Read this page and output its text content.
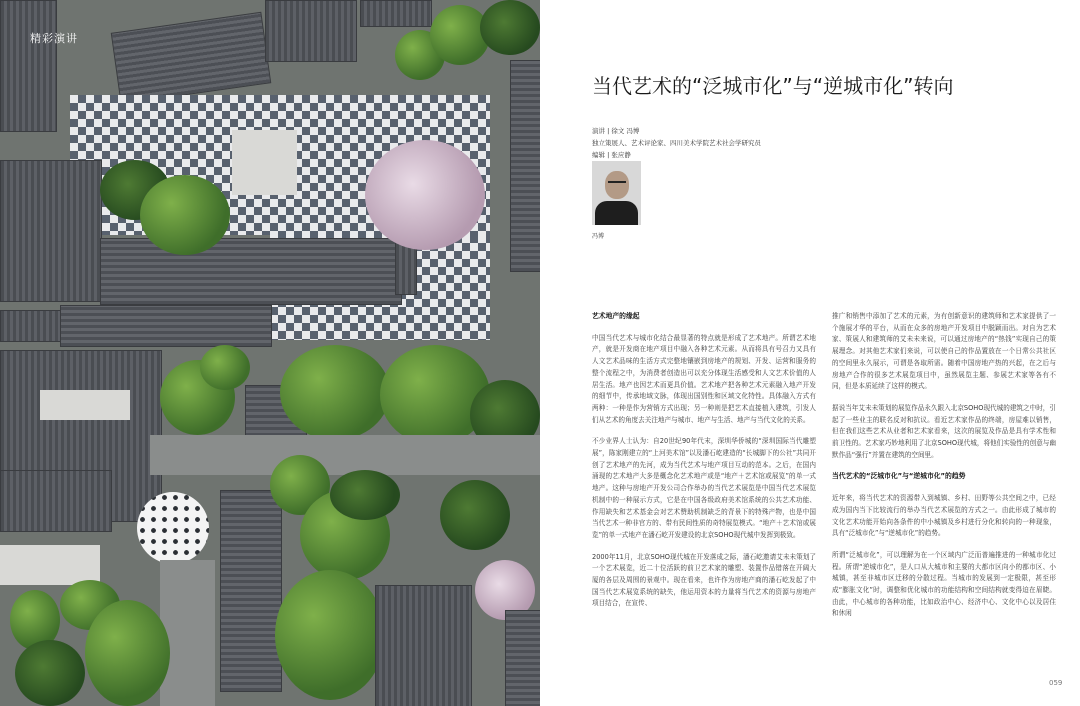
精彩演讲
当代艺术的“泛城市化”与“逆城市化”转向
演讲 | 徐文 冯博
独立策展人、艺术评论家、四川美术学院艺术社会学研究员
编辑 | 张应静
冯博
艺术地产的缘起

中国当代艺术与城市化结合最显著的特点就是形成了艺术地产。所谓艺术地产，就是开发商在地产项目中融入各种艺术元素。从而将具有号召力又具有人文艺术品味的生活方式完整地镶嵌到房地产的规划、开发、运营和服务的整个流程之中，为消费者创造出可以充分体现生活感受和人文艺术价值的人居生活。地产也因艺术而更具价值。艺术地产把各种艺术元素融入地产开发的细节中，传承地域文脉，体现出国别性和区域文化特性。具体融入方式有两种：一种是作为营销方式出现；另一种则是把艺术直接植入建筑，引发人们从艺术的角度去关注地产与城市、地产与生活、地产与当代文化的关系。

不少业界人士认为：自20世纪90年代末，深圳华侨城的“深圳国际当代雕塑展”，陈家刚建立的“上河美术馆”以及潘石屹建造的“长城脚下的公社”共同开创了艺术地产的先河，成为当代艺术与地产项目互动的范本。之后，在国内涌现的艺术地产大多是概念化艺术地产或是“地产＋艺术馆或展览”的单一式地产。这种与房地产开发公司合作举办的当代艺术展览是中国当代艺术展览机制中的一种展示方式，它是在中国各级政府美术馆系统的公共艺术功能、作用缺失和艺术基金会对艺术赞助机制缺乏的背景下的特殊产物，也是中国当代艺术一种非官方的、带有民间性质的奇特展览模式。“地产＋艺术馆或展览”的单一式地产在潘石屹开发建设的北京SOHO现代城中发挥到极致。

2000年11月，北京SOHO现代城在开发落成之际，潘石屹邀请艾未未策划了一个艺术展览，近二十位活跃的前卫艺术家的雕塑、装置作品错落在开阔大厦的各层及周围的景观中。现在看来，也许作为房地产商的潘石屹发起了中国当代艺术展览系统的缺失，他运用资本的力量将当代艺术的资源与房地产项目结合，在宣传、

推广和销售中添加了艺术的元素，为有创新意识的建筑师和艺术家提供了一个施展才华的平台，从而在众多的房地产开发项目中脱颖而出。对自为艺术家、策展人和建筑师的艾未未来说，可以通过房地产的“热钱”实现自己的策展理念。对其他艺术家们来说，可以使自己的作品置放在一个日常公共社区的空间里永久展示，可谓是各取所需。随着中国房地产热的兴起，在之后与房地产合作的很多艺术展览项目中，虽然展览主题、参展艺术家等各有不同，但是本质延续了这样的模式。

据说当年艾未未策划的展览作品永久跟入北京SOHO现代城的建筑之中时，引起了一些业主的联名反对和抗议。看近艺术家作品的终端，房屋难以销售，但在我们这些艺术从业者和艺术家看来，这次的展览及作品是具有学术性和前卫性的。艺术家巧妙地利用了北京SOHO现代城，将他们实验性的创意与幽默作品“强行”并置在建筑的空间里。

当代艺术的“泛城市化”与“逆城市化”的趋势

近年来，将当代艺术的资源带入到城镇、乡村、田野等公共空间之中，已经成为国内当下比较流行的举办当代艺术展览的方式之一。由此形成了城市的文化艺术功能开始向各条件的中小城镇及乡村进行分化和转向的一种现象，具有“泛城市化”与“逆城市化”的趋势。

所谓“泛城市化”，可以理解为在一个区域内广泛而普遍推进的一种城市化过程。所谓“逆城市化”，是人口从大城市和主要的大都市区向小的都市区、小城镇，甚至非城市区迁移的分散过程。当城市的发展到一定极限，甚至形成“膨胀文化”时，调整和优化城市的功能结构和空间结构就变得迫在眉睫。由此，中心城市的各种功能，比如政治中心、经济中心、文化中心以及居住和休闲

059
